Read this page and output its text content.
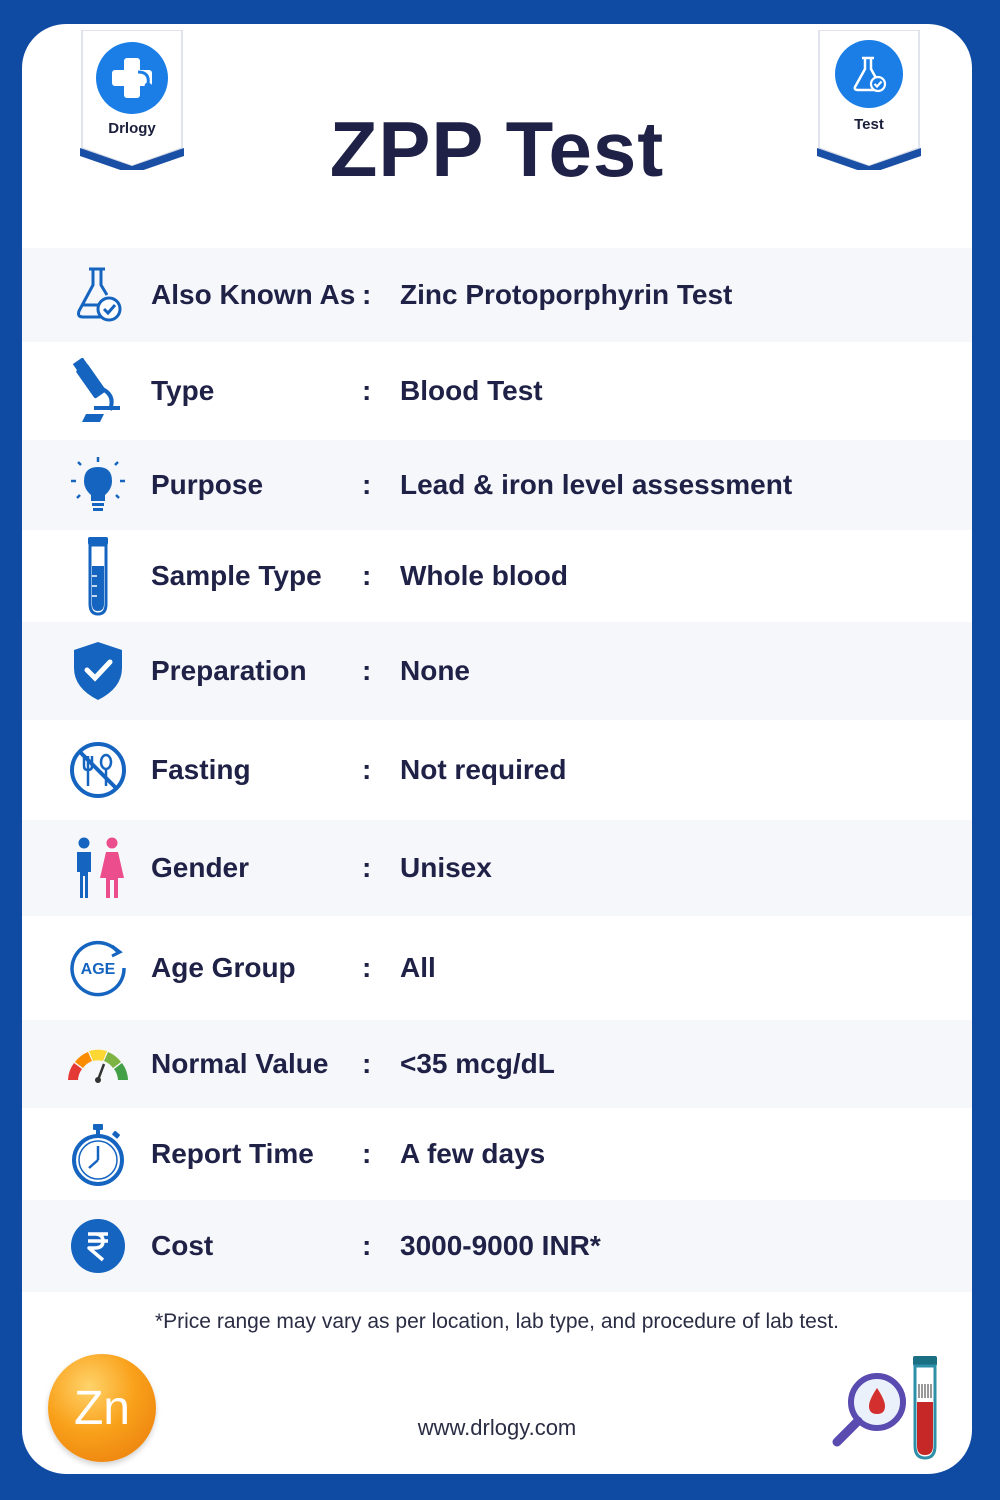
Drlogy	Test
ZPP Test
Also Known As : Zinc Protoporphyrin Test
Type	: Blood Test
Purpose	: Lead & iron level assessment
Sample Type : Whole blood
Preparation : None
Fasting	: Not required
Gender	: Unisex
AGE Age Group : All
Normal Value : <35 mcg/dL
Report Time : A few days
Cost	: 3000-9000 INR*
*Price range may vary as per location, lab type, and procedure of lab test.
Zn	www.drlogy.com
